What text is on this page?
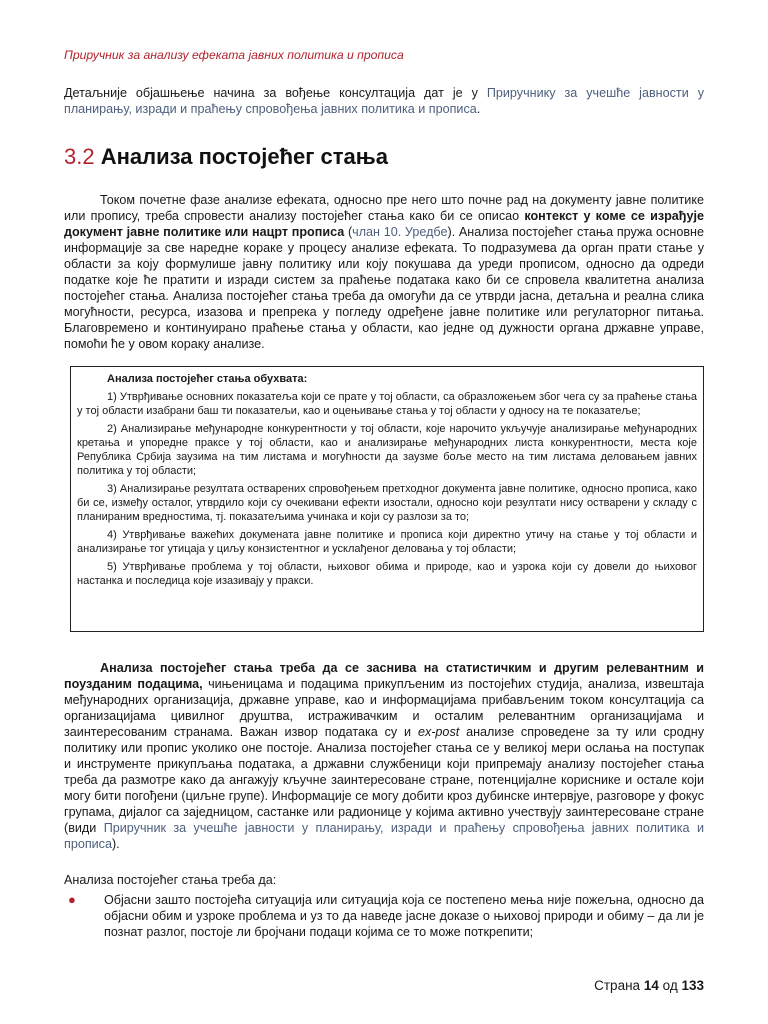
Приручник за анализу ефеката јавних политика и прописа

Детаљније објашњење начина за вођење консултација дат је у Приручнику за учешће јавности у планирању, изради и праћењу спровођења јавних политика и прописа.

3.2 Анализа постојећег стања

Током почетне фазе анализе ефеката, односно пре него што почне рад на документу јавне политике или пропису, треба спровести анализу постојећег стања како би се описао контекст у коме се израђује документ јавне политике или нацрт прописа (члан 10. Уредбе). Анализа постојећег стања пружа основне информације за све наредне кораке у процесу анализе ефеката. То подразумева да орган прати стање у области за коју формулише јавну политику или коју покушава да уреди прописом, односно да одреди податке које ће пратити и изради систем за праћење података како би се спровела квалитетна анализа постојећег стања. Анализа постојећег стања треба да омогући да се утврди јасна, детаљна и реална слика могућности, ресурса, изазова и препрека у погледу одређене јавне политике или регулаторног питања. Благовремено и континуирано праћење стања у области, као једне од дужности органа државне управе, помоћи ће у овом кораку анализе.

Анализа постојећег стања обухвата:
1) Утврђивање основних показатеља који се прате у тој области, са образложењем због чега су за праћење стања у тој области изабрани баш ти показатељи, као и оцењивање стања у тој области у односу на те показатеље;
2) Анализирање међународне конкурентности у тој области, које нарочито укључује анализирање међународних кретања и упоредне праксе у тој области, као и анализирање међународних листа конкурентности, места које Република Србија заузима на тим листама и могућности да заузме боље место на тим листама деловањем јавних политика у тој области;
3) Анализирање резултата остварених спровођењем претходног документа јавне политике, односно прописа, како би се, између осталог, утврдило који су очекивани ефекти изостали, односно који резултати нису остварени у складу с планираним вредностима, тј. показатељима учинака и који су разлози за то;
4) Утврђивање важећих докумената јавне политике и прописа који директно утичу на стање у тој области и анализирање тог утицаја у циљу конзистентног и усклађеног деловања у тој области;
5) Утврђивање проблема у тој области, њиховог обима и природе, као и узрока који су довели до њиховог настанка и последица које изазивају у пракси.

Анализа постојећег стања треба да се заснива на статистичким и другим релевантним и поузданим подацима, чињеницама и подацима прикупљеним из постојећих студија, анализа, извештаја међународних организација, државне управе, као и информацијама прибављеним током консултација са организацијама цивилног друштва, истраживачким и осталим релевантним организацијама и заинтересованим странама. Важан извор података су и ex-post анализе спроведене за ту или сродну политику или пропис уколико оне постоје. Анализа постојећег стања се у великој мери ослања на поступак и инструменте прикупљања података, а државни службеници који припремају анализу постојећег стања треба да размотре како да ангажују кључне заинтересоване стране, потенцијалне кориснике и остале који могу бити погођени (циљне групе). Информације се могу добити кроз дубинске интервјуе, разговоре у фокус групама, дијалог са заједницом, састанке или радионице у којима активно учествују заинтересоване стране (види Приручник за учешће јавности у планирању, изради и праћењу спровођења јавних политика и прописа).

Анализа постојећег стања треба да:

● Објасни зашто постојећа ситуација или ситуација која се постепено мења није пожељна, односно да објасни обим и узроке проблема и уз то да наведе јасне доказе о њиховој природи и обиму – да ли је познат разлог, постоје ли бројчани подаци којима се то може поткрепити;
Страна 14 од 133
